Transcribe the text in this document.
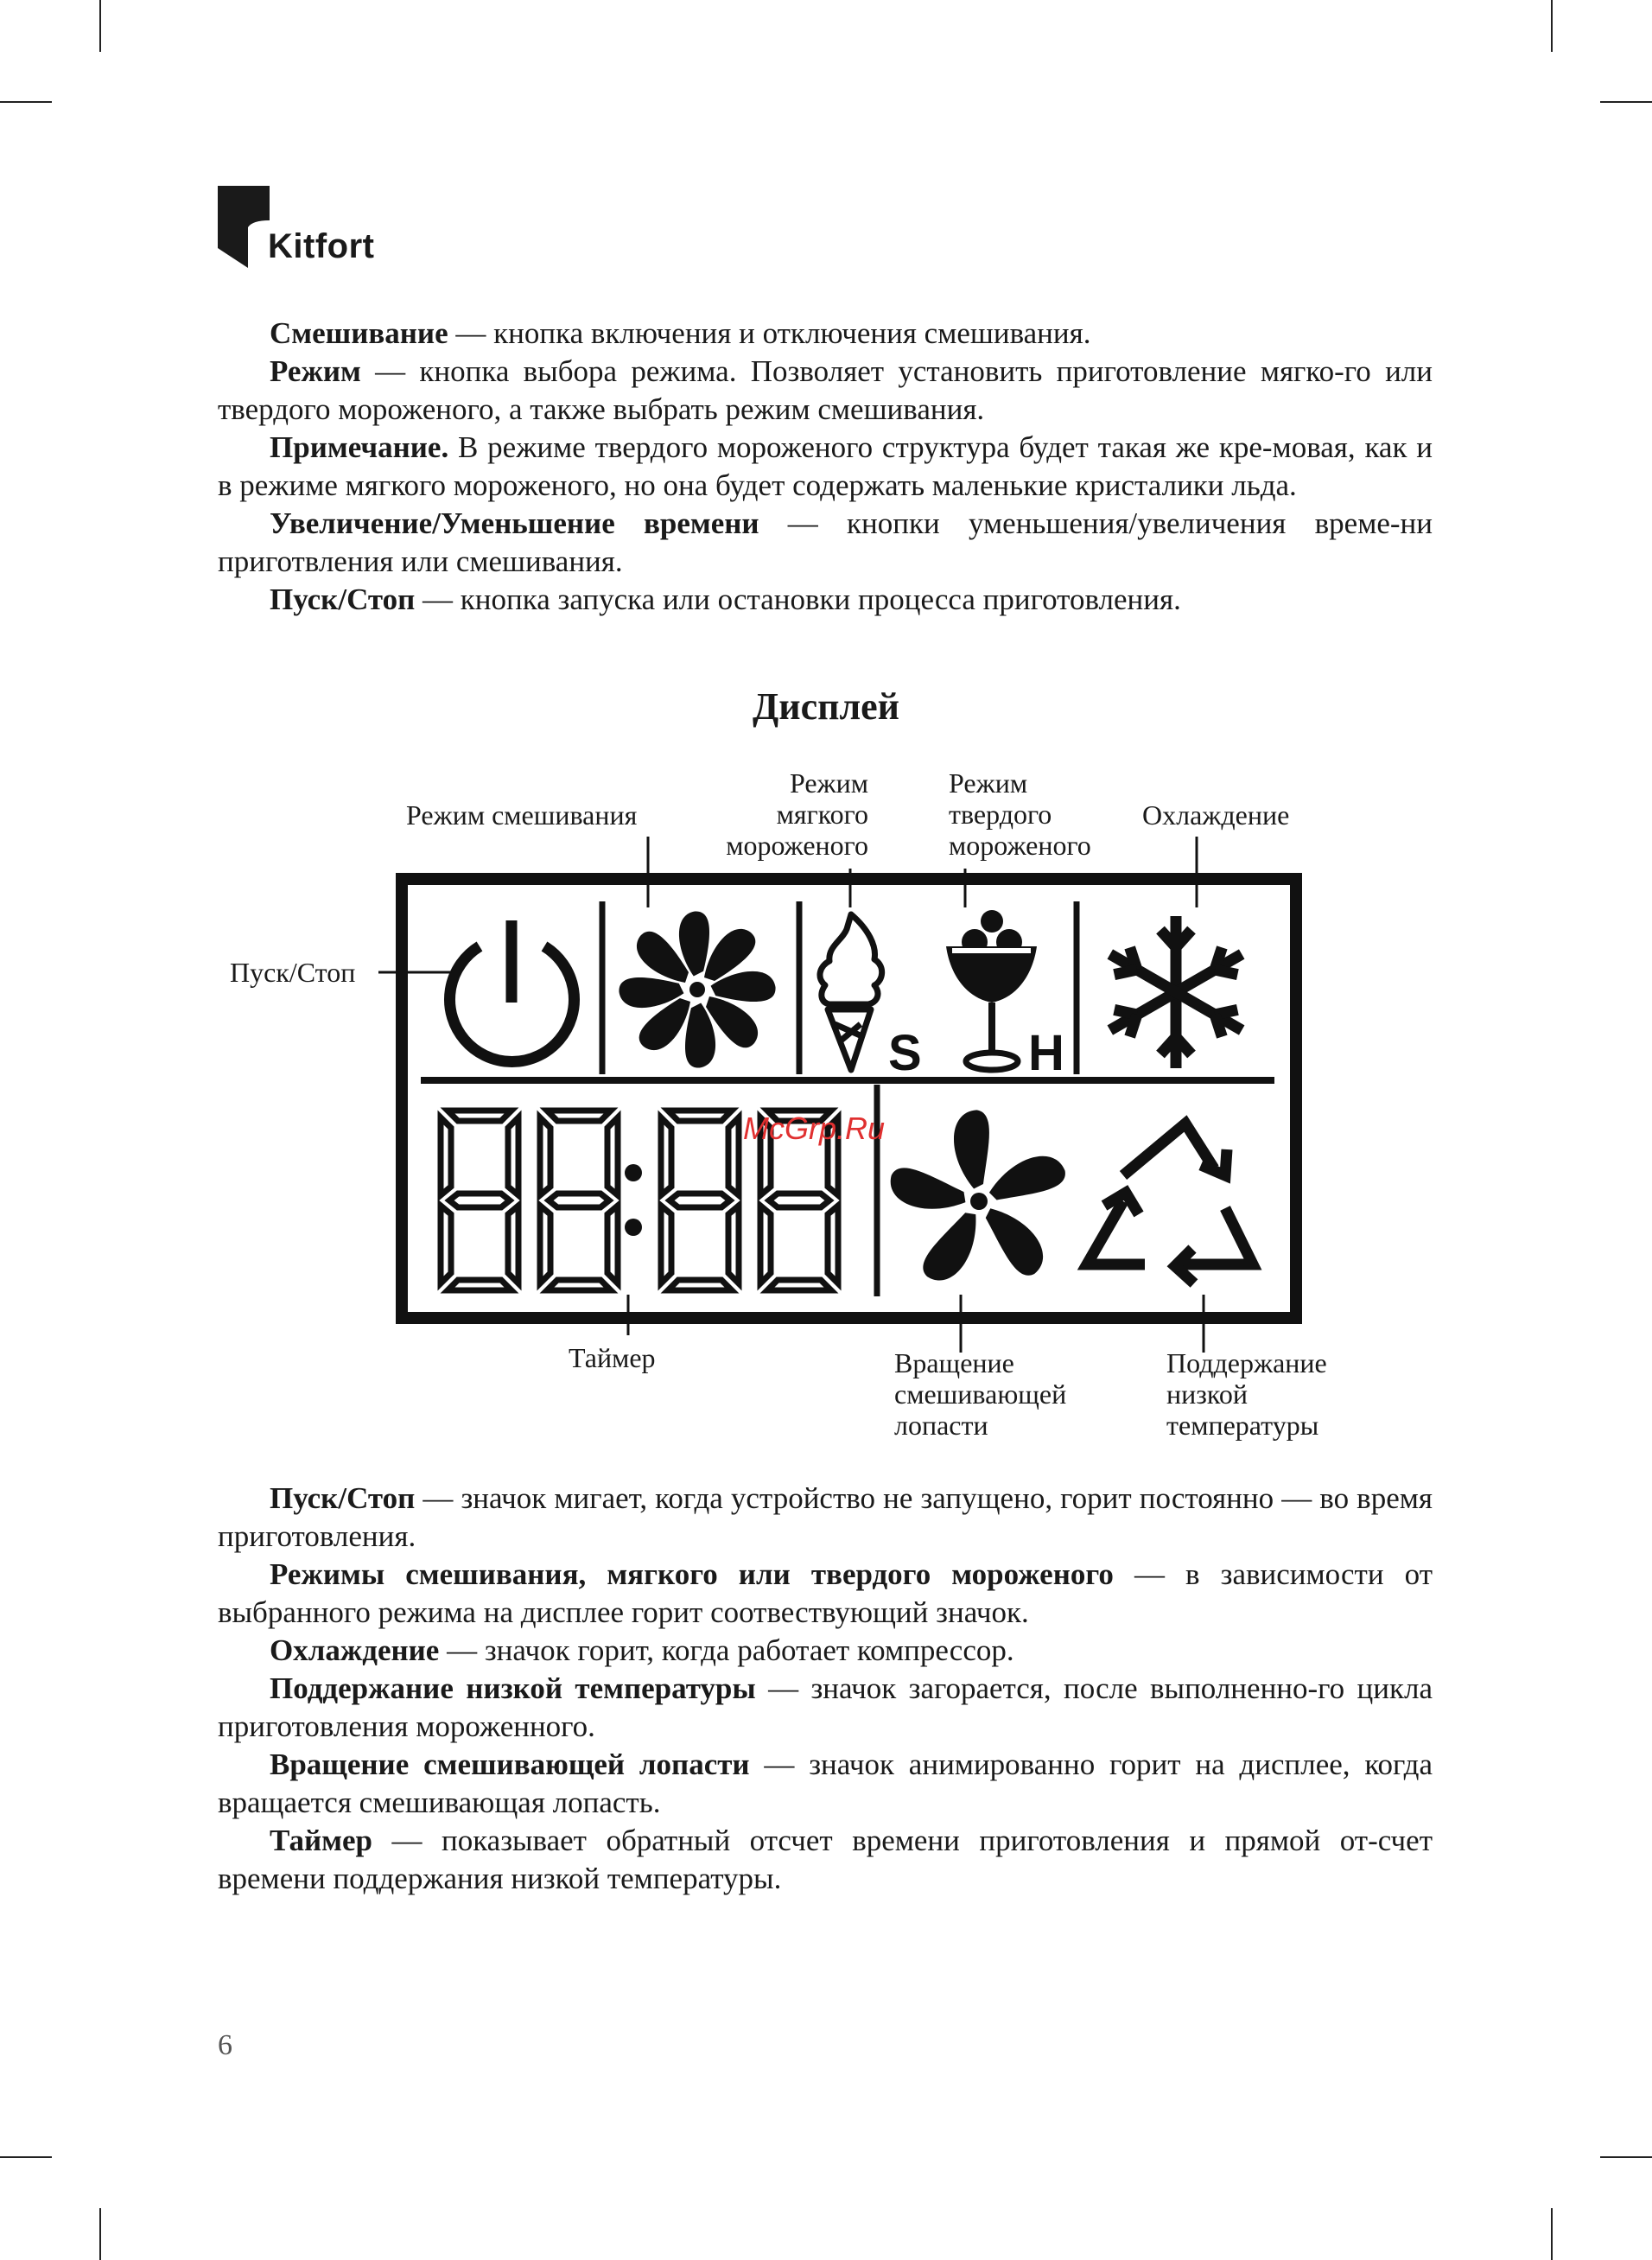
Kitfort

Смешивание — кнопка включения и отключения смешивания.

Режим — кнопка выбора режима. Позволяет установить приготовление мягко-го или твердого мороженого, а также выбрать режим смешивания.

Примечание. В режиме твердого мороженого структура будет такая же кре-мовая, как и в режиме мягкого мороженого, но она будет содержать маленькие кристалики льда.

Увеличение/Уменьшение времени — кнопки уменьшения/увеличения време-ни приготвления или смешивания.

Пуск/Стоп — кнопка запуска или остановки процесса приготовления.

Дисплей
S H
Пуск/Стоп
Режим смешивания
Режим
мягкого
мороженого
Режим
твердого
мороженого
Охлаждение
Таймер	Вращение
смешивающей
лопасти
Поддержание
низкой
температуры
McGrp.Ru

Пуск/Стоп — значок мигает, когда устройство не запущено, горит постоянно — во время приготовления.

Режимы смешивания, мягкого или твердого мороженого — в зависимости от выбранного режима на дисплее горит соотвествующий значок.

Охлаждение — значок горит, когда работает компрессор.

Поддержание низкой температуры — значок загорается, после выполненно-го цикла приготовления мороженного.

Вращение смешивающей лопасти — значок анимированно горит на дисплее, когда вращается смешивающая лопасть.

Таймер — показывает обратный отсчет времени приготовления и прямой от-счет времени поддержания низкой температуры.

6
